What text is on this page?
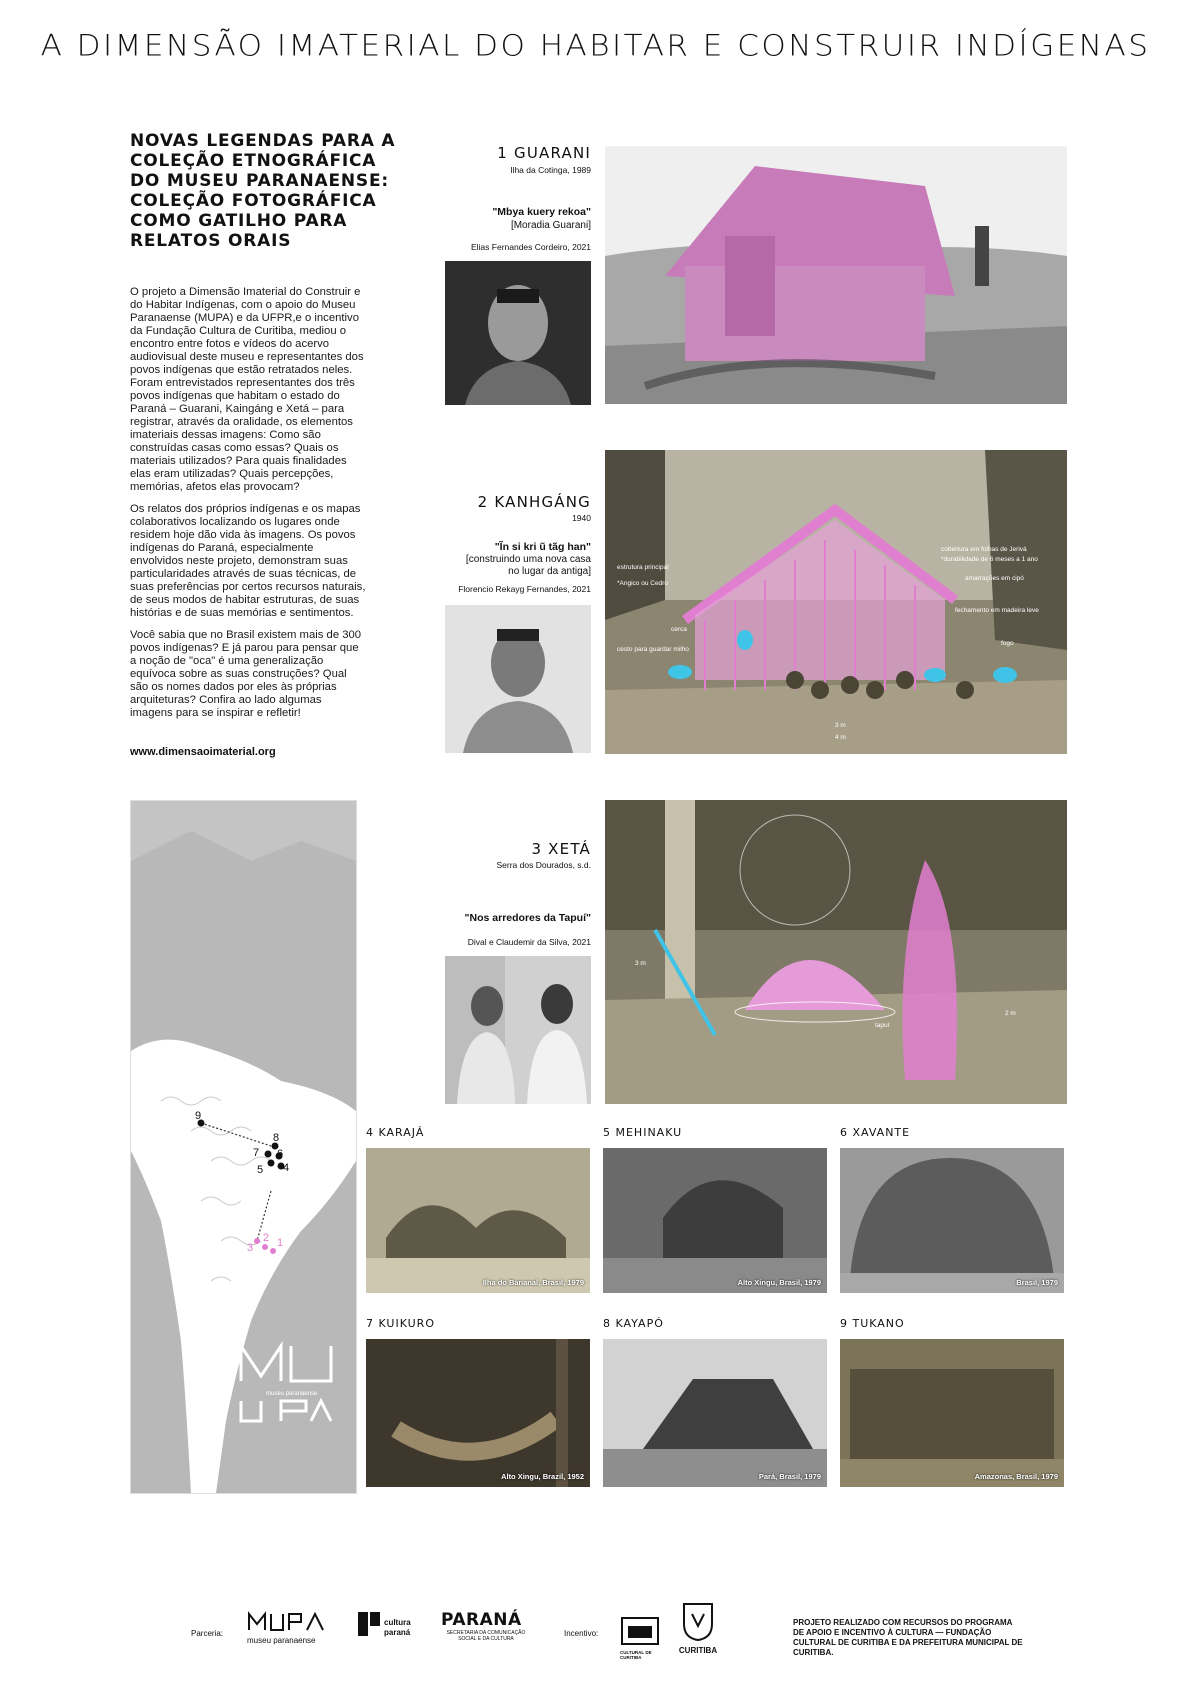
A DIMENSÃO IMATERIAL DO HABITAR E CONSTRUIR INDÍGENAS
NOVAS LEGENDAS PARA A COLEÇÃO ETNOGRÁFICA DO MUSEU PARANAENSE: COLEÇÃO FOTOGRÁFICA COMO GATILHO PARA RELATOS ORAIS

O projeto a Dimensão Imaterial do Construir e do Habitar Indígenas, com o apoio do Museu Paranaense (MUPA) e da UFPR,e o incentivo da Fundação Cultura de Curitiba, mediou o encontro entre fotos e vídeos do acervo audiovisual deste museu e representantes dos povos indígenas que estão retratados neles. Foram entrevistados representantes dos três povos indígenas que habitam o estado do Paraná – Guarani, Kaingáng e Xetá – para registrar, através da oralidade, os elementos imateriais dessas imagens: Como são construídas casas como essas? Quais os materiais utilizados? Para quais finalidades elas eram utilizadas? Quais percepções, memórias, afetos elas provocam?

Os relatos dos próprios indígenas e os mapas colaborativos localizando os lugares onde residem hoje dão vida às imagens. Os povos indígenas do Paraná, especialmente envolvidos neste projeto, demonstram suas particularidades através de suas técnicas, de suas preferências por certos recursos naturais, de seus modos de habitar estruturas, de suas histórias e de suas memórias e sentimentos.

Você sabia que no Brasil existem mais de 300 povos indígenas? E já parou para pensar que a noção de "oca" é uma generalização equívoca sobre as suas construções? Qual são os nomes dados por eles às próprias arquiteturas? Confira ao lado algumas imagens para se inspirar e refletir!

www.dimensaoimaterial.org
1 GUARANI
Ilha da Cotinga, 1989
"Mbya kuery rekoa"
[Moradia Guarani]
Elias Fernandes Cordeiro, 2021
2 KANHGÁNG
1940
"Ĩn si kri ũ tãg han"
[construindo uma nova casa no lugar da antiga]
Florencio Rekayg Fernandes, 2021
estrutura principal
*Angico ou Cedro
cobertura em folhas de Jerivá
*durabilidade de 6 meses a 1 ano
amarrações em cipó
fechamento em madeira leve
cerca
cesto para guardar milho
fogo
3 m
4 m
3 XETÁ
Serra dos Dourados, s.d.
"Nos arredores da Tapuí"
Dival e Claudemir da Silva, 2021
tapuí
3 m
2 m
9
8
7 6
5 4
2
3 1
museu paranaense
4 KARAJÁ
Ilha do Bananal, Brasil, 1979
5 MEHINAKU
Alto Xingu, Brasil, 1979
6 XAVANTE
Brasil, 1979
7 KUIKURO
Alto Xingu, Brazil, 1952
8 KAYAPÓ
Pará, Brasil, 1979
9 TUKANO
Amazonas, Brasil, 1979
Parceria:
museu paranaense
cultura paraná
PARANÁ
SECRETARIA DA COMUNICAÇÃO SOCIAL E DA CULTURA
Incentivo:
CULTURAL DE CURITIBA
CURITIBA
PROJETO REALIZADO COM RECURSOS DO PROGRAMA DE APOIO E INCENTIVO À CULTURA — FUNDAÇÃO CULTURAL DE CURITIBA E DA PREFEITURA MUNICIPAL DE CURITIBA.
